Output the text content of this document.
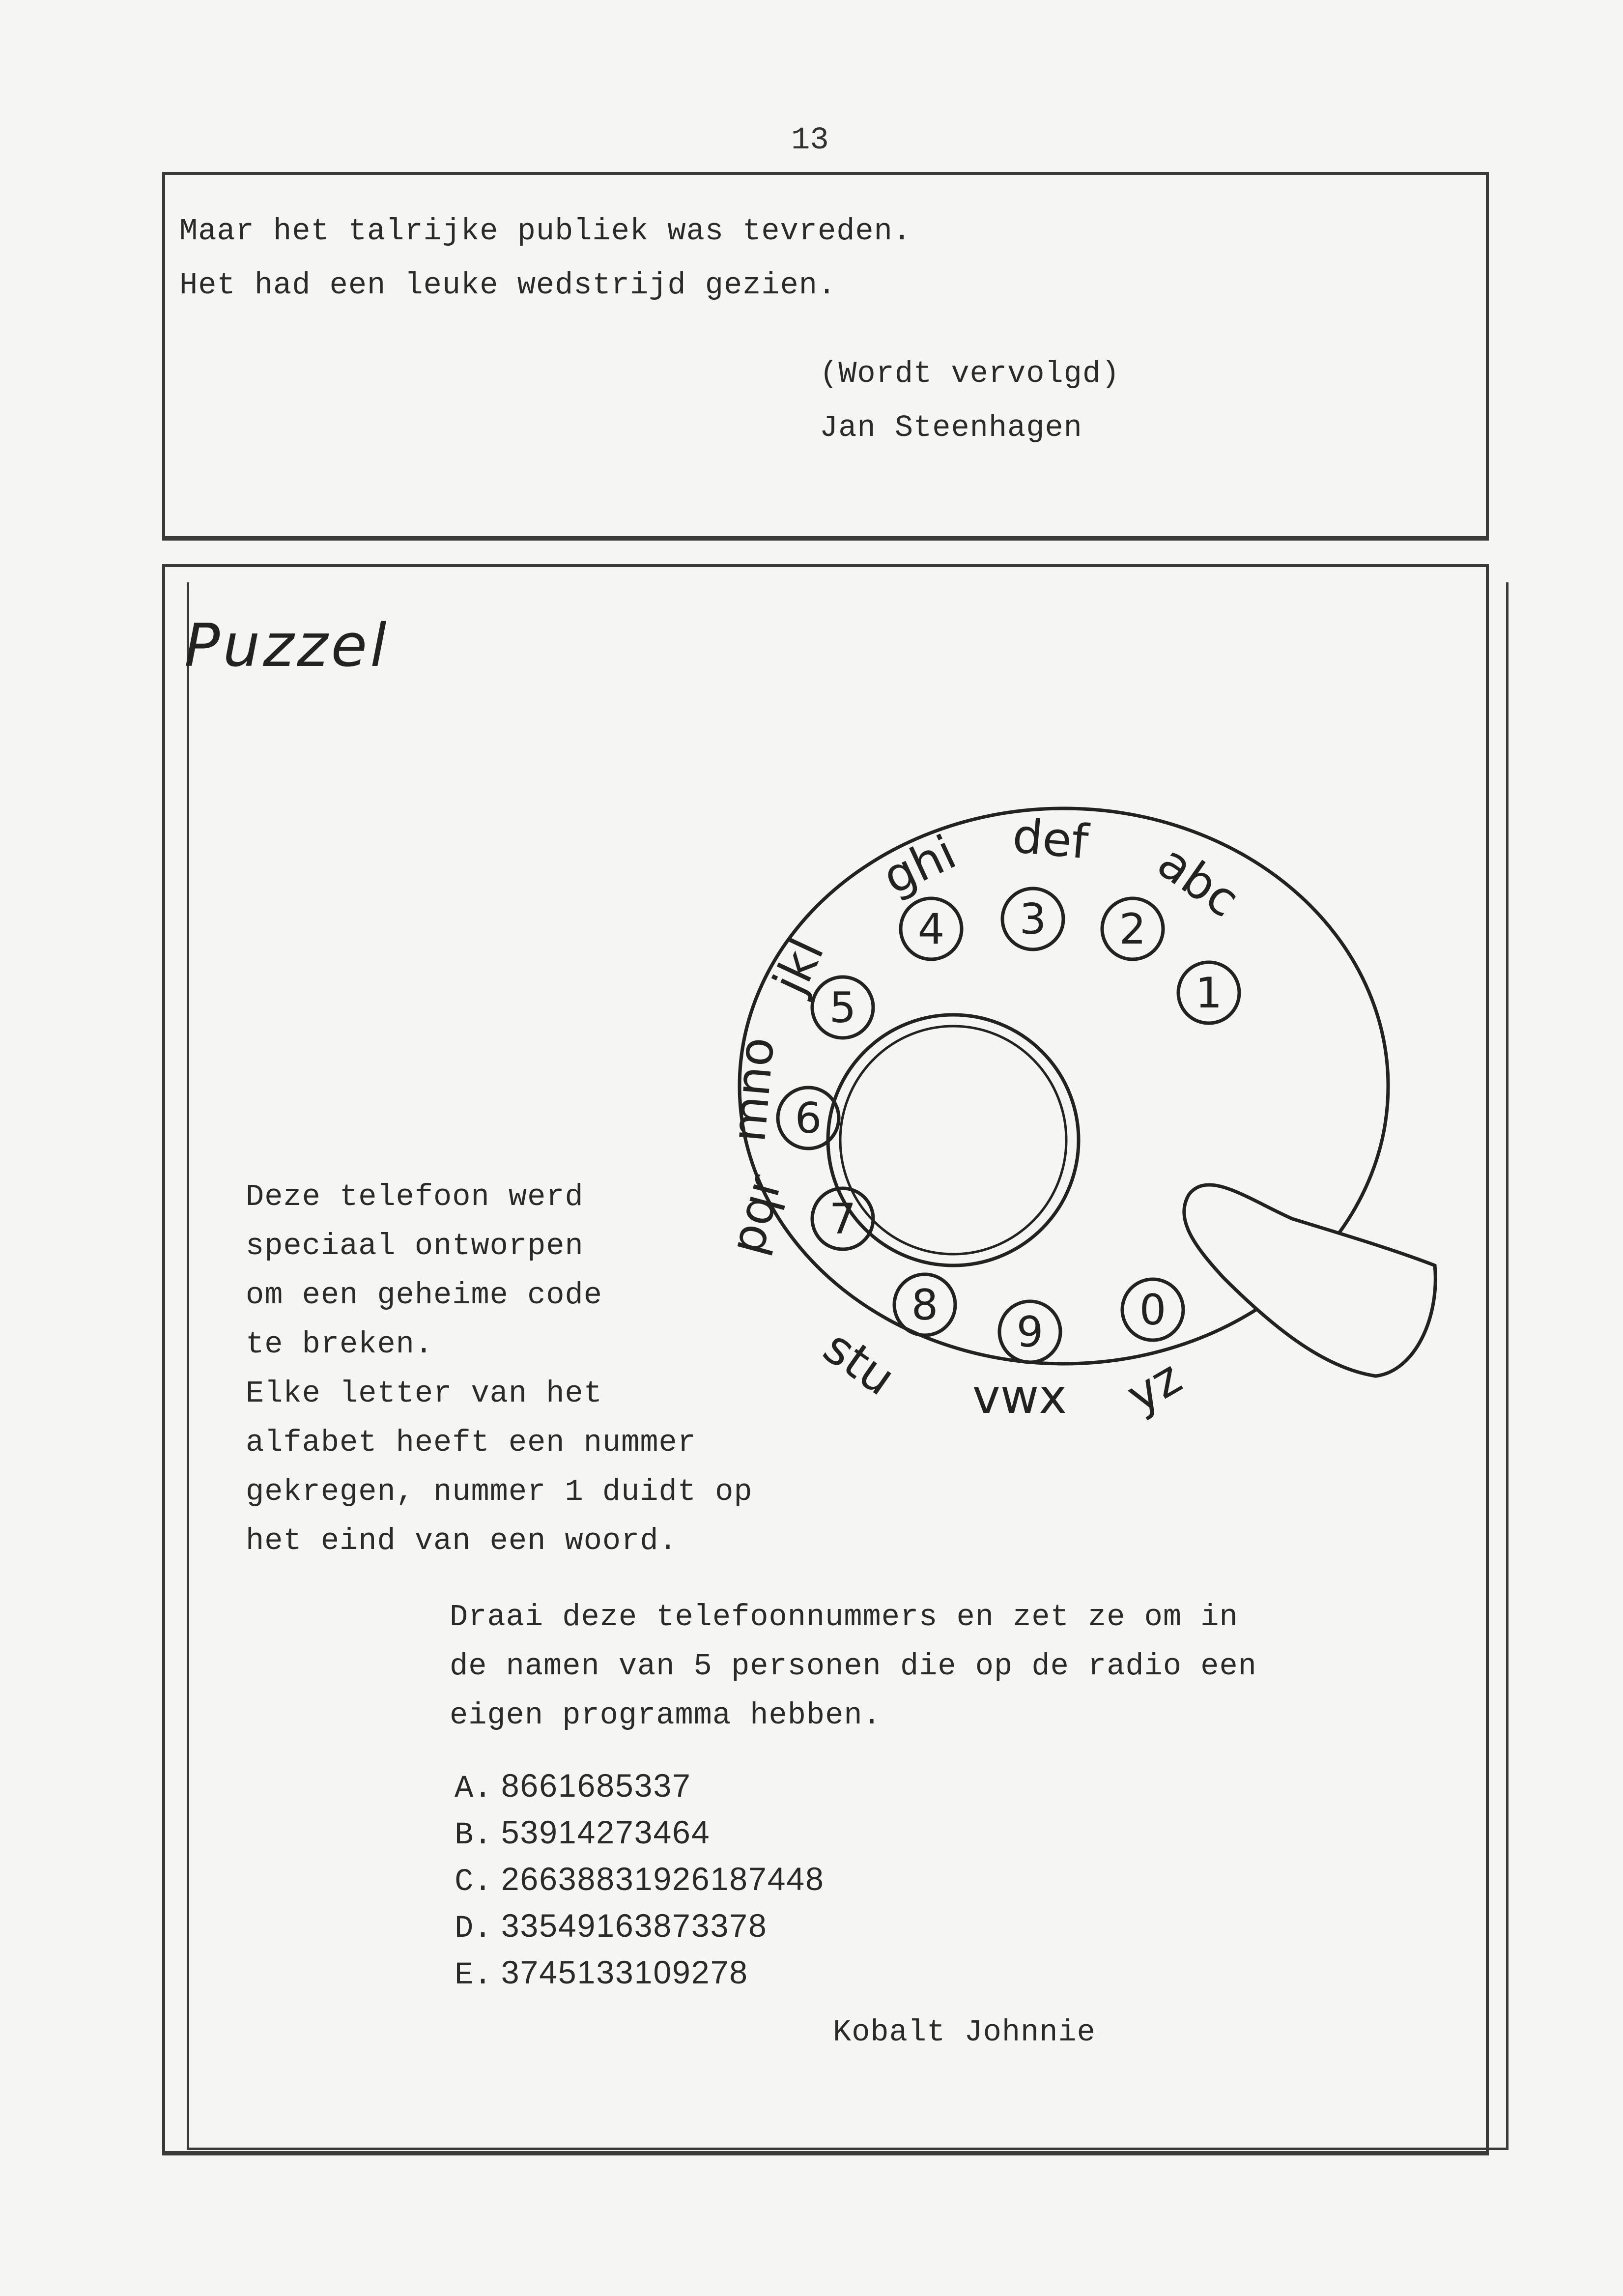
13
Maar het talrijke publiek was tevreden.
Het had een leuke wedstrijd gezien.
(Wordt vervolgd)
Jan Steenhagen
Puzzel
1
2
abc
3
def
4
ghi
5
jkl
6
mno
7
pqr
8
stu	9
vwx
0
yz
Deze telefoon werd
speciaal ontworpen
om een geheime code
te breken.
Elke letter van het
alfabet heeft een nummer
gekregen, nummer 1 duidt op
het eind van een woord.
Draai deze telefoonnummers en zet ze om in
de namen van 5 personen die op de radio een
eigen programma hebben.
A. 8661685337
B. 53914273464
C. 26638831926187448
D. 33549163873378
E. 3745133109278
Kobalt Johnnie
